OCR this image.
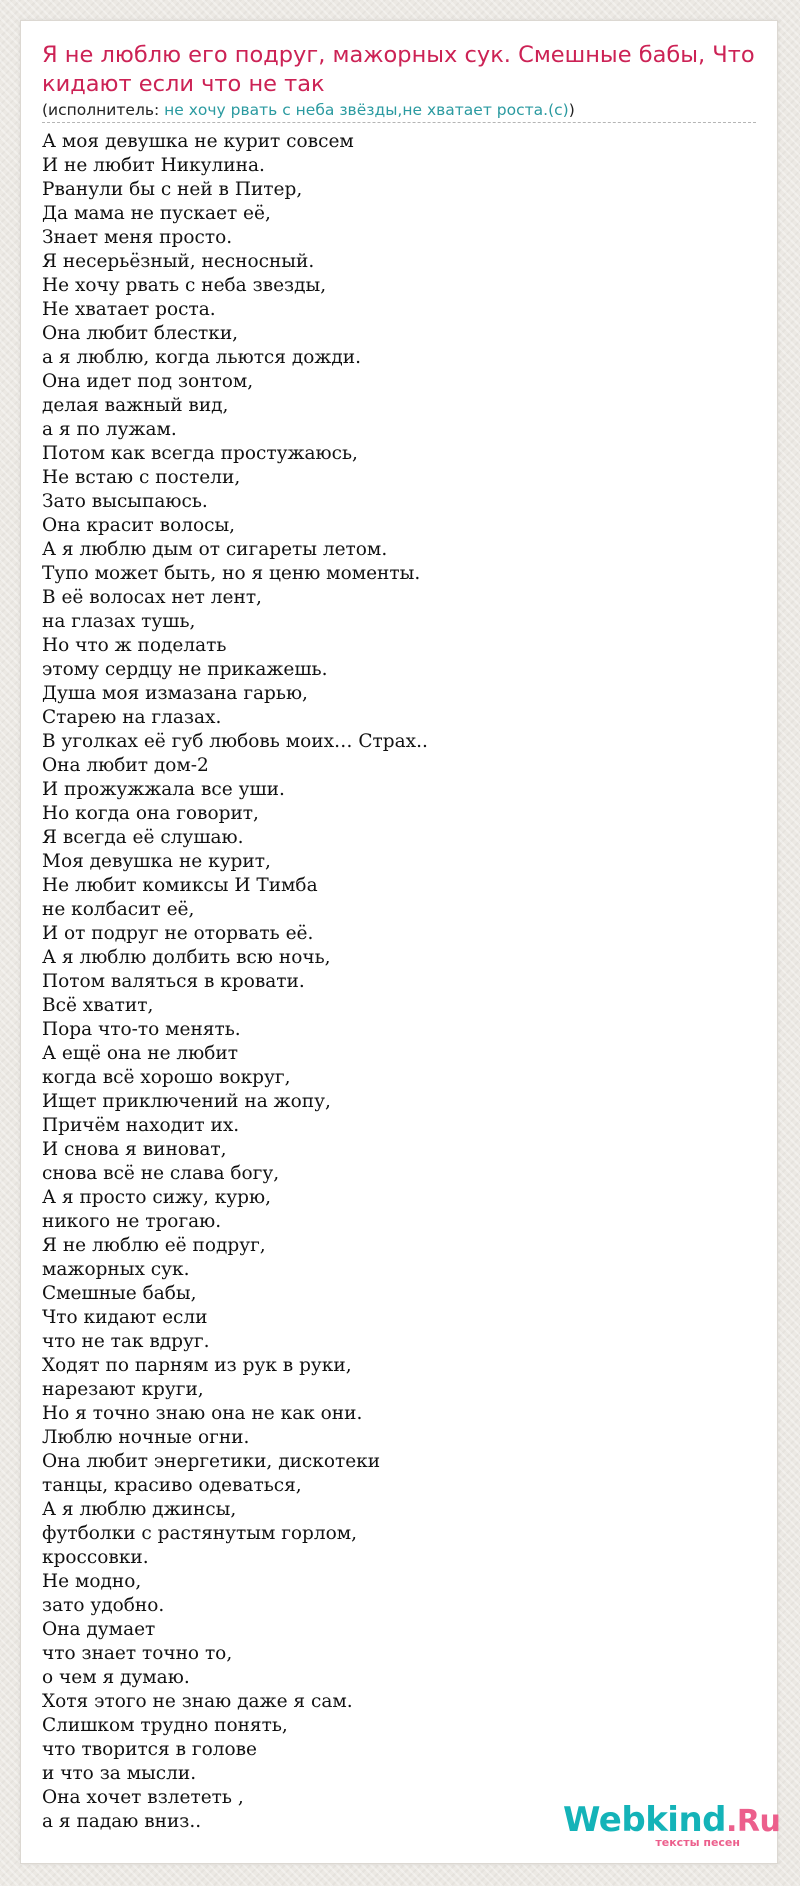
Я не люблю его подруг, мажорных сук. Смешные бабы, Что кидают если что не так
(исполнитель: не хочу рвать с неба звёзды,не хватает роста.(с))
А моя девушка не курит совсем
И не любит Никулина.
Рванули бы с ней в Питер,
Да мама не пускает её,
Знает меня просто.
Я несерьёзный, несносный.
Не хочу рвать с неба звезды,
Не хватает роста.
Она любит блестки,
а я люблю, когда льются дожди.
Она идет под зонтом,
делая важный вид,
а я по лужам.
Потом как всегда простужаюсь,
Не встаю с постели,
Зато высыпаюсь.
Она красит волосы,
А я люблю дым от сигареты летом.
Тупо может быть, но я ценю моменты.
В её волосах нет лент,
на глазах тушь,
Но что ж поделать
этому сердцу не прикажешь.
Душа моя измазана гарью,
Старею на глазах.
В уголках её губ любовь моих… Страх..
Она любит дом-2
И прожужжала все уши.
Но когда она говорит,
Я всегда её слушаю.
Моя девушка не курит,
Не любит комиксы И Тимба
не колбасит её,
И от подруг не оторвать её.
А я люблю долбить всю ночь,
Потом валяться в кровати.
Всё хватит,
Пора что-то менять.
А ещё она не любит
когда всё хорошо вокруг,
Ищет приключений на жопу,
Причём находит их.
И снова я виноват,
снова всё не слава богу,
А я просто сижу, курю,
никого не трогаю.
Я не люблю её подруг,
мажорных сук.
Смешные бабы,
Что кидают если
что не так вдруг.
Ходят по парням из рук в руки,
нарезают круги,
Но я точно знаю она не как они.
Люблю ночные огни.
Она любит энергетики, дискотеки
танцы, красиво одеваться,
А я люблю джинсы,
футболки с растянутым горлом,
кроссовки.
Не модно,
зато удобно.
Она думает
что знает точно то,
о чем я думаю.
Хотя этого не знаю даже я сам.
Слишком трудно понять,
что творится в голове
и что за мысли.
Она хочет взлететь ,
а я падаю вниз..	Webkind.Ru
тексты песен
